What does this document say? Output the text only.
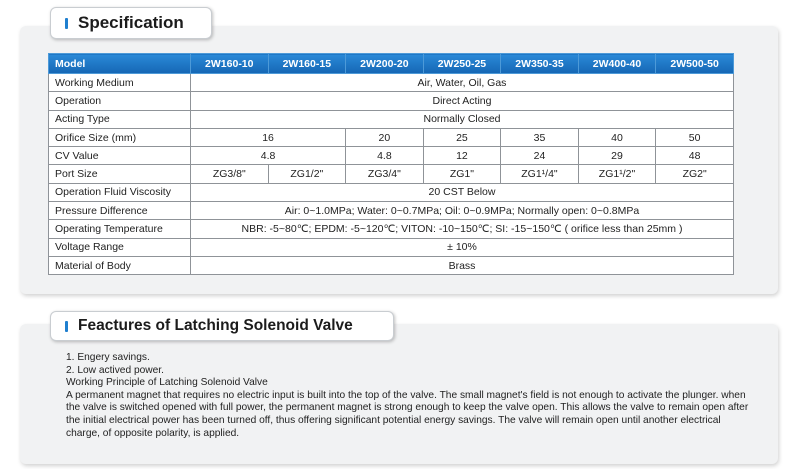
Specification
Model	2W160-10	2W160-15	2W200-20	2W250-25	2W350-35	2W400-40	2W500-50
Working Medium	Air, Water, Oil, Gas						
Operation	Direct Acting						
Acting Type	Normally Closed						
Orifice Size (mm)	16		20	25	35	40	50
CV Value	4.8		4.8	12	24	29	48
Port Size	ZG3/8"	ZG1/2"	ZG3/4"	ZG1"	ZG1¹/4"	ZG1¹/2"	ZG2"
Operation Fluid Viscosity	20 CST Below						
Pressure Difference	Air: 0~1.0MPa; Water: 0~0.7MPa; Oil: 0~0.9MPa; Normally open: 0~0.8MPa						
Operating Temperature	NBR: -5~80℃; EPDM: -5~120℃; VITON: -10~150℃; SI: -15~150℃ ( orifice less than 25mm )						
Voltage Range	± 10%						
Material of Body	Brass						
Feactures of Latching Solenoid Valve
1. Engery savings.
2. Low actived power.
Working Principle of Latching Solenoid Valve
A permanent magnet that requires no electric input is built into the top of the valve. The small magnet's field is not enough to activate the plunger. when the valve is switched opened with full power, the permanent magnet is strong enough to keep the valve open. This allows the valve to remain open after the initial electrical power has been turned off, thus offering significant potential energy savings. The valve will remain open until another electrical charge, of opposite polarity, is applied.
